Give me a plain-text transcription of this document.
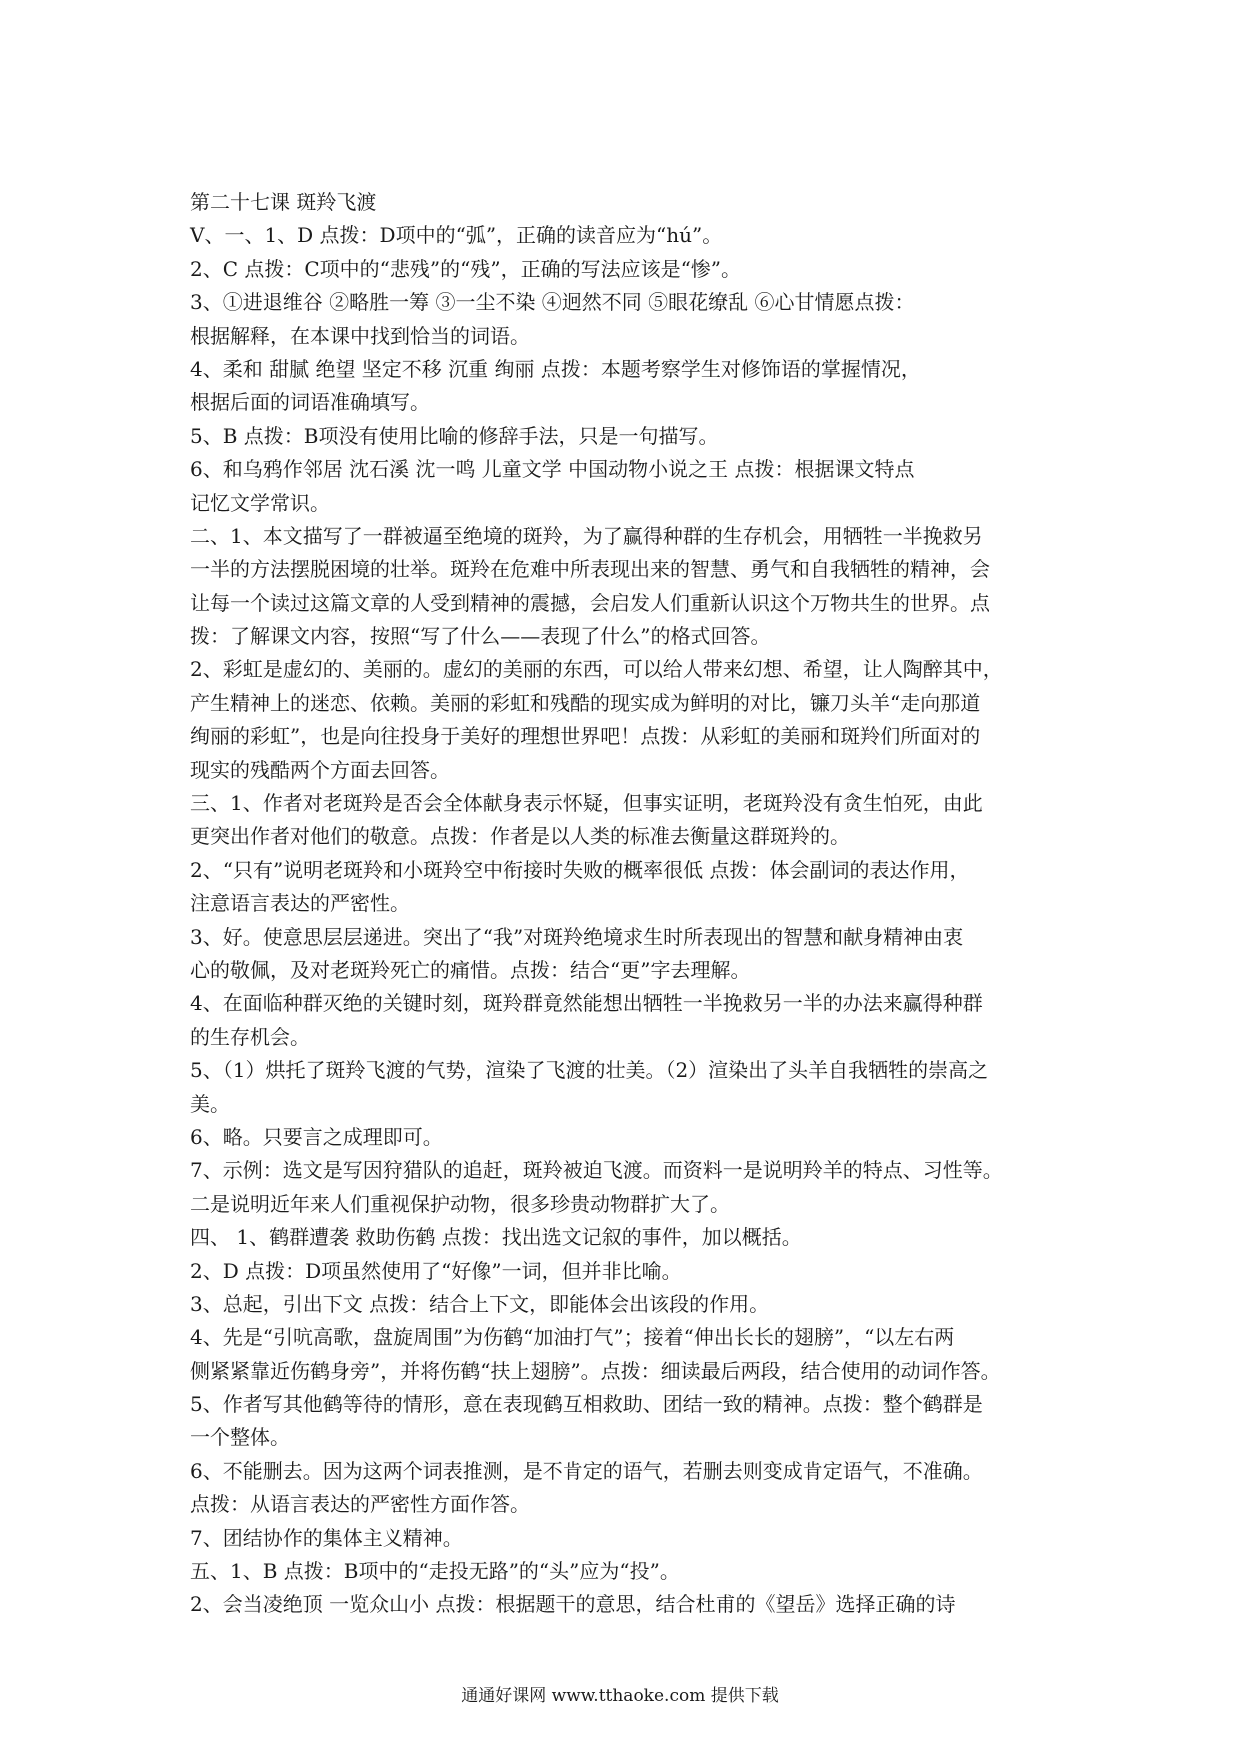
第二十七课 斑羚飞渡
Ⅴ、一、1、D 点拨：D项中的“弧”，正确的读音应为“hú”。
2、C 点拨：C项中的“悲残”的“残”，正确的写法应该是“惨”。
3、①进退维谷 ②略胜一筹 ③一尘不染 ④迥然不同 ⑤眼花缭乱 ⑥心甘情愿点拨：
根据解释，在本课中找到恰当的词语。
4、柔和 甜腻 绝望 坚定不移 沉重 绚丽 点拨：本题考察学生对修饰语的掌握情况，
根据后面的词语准确填写。
5、B 点拨：B项没有使用比喻的修辞手法，只是一句描写。
6、和乌鸦作邻居 沈石溪 沈一鸣 儿童文学 中国动物小说之王 点拨：根据课文特点
记忆文学常识。
二、1、本文描写了一群被逼至绝境的斑羚，为了赢得种群的生存机会，用牺牲一半挽救另
一半的方法摆脱困境的壮举。斑羚在危难中所表现出来的智慧、勇气和自我牺牲的精神，会
让每一个读过这篇文章的人受到精神的震撼，会启发人们重新认识这个万物共生的世界。点
拨：了解课文内容，按照“写了什么——表现了什么”的格式回答。
2、彩虹是虚幻的、美丽的。虚幻的美丽的东西，可以给人带来幻想、希望，让人陶醉其中，
产生精神上的迷恋、依赖。美丽的彩虹和残酷的现实成为鲜明的对比，镰刀头羊“走向那道
绚丽的彩虹”，也是向往投身于美好的理想世界吧！点拨：从彩虹的美丽和斑羚们所面对的
现实的残酷两个方面去回答。
三、1、作者对老斑羚是否会全体献身表示怀疑，但事实证明，老斑羚没有贪生怕死，由此
更突出作者对他们的敬意。点拨：作者是以人类的标准去衡量这群斑羚的。
2、“只有”说明老斑羚和小斑羚空中衔接时失败的概率很低 点拨：体会副词的表达作用，
注意语言表达的严密性。
3、好。使意思层层递进。突出了“我”对斑羚绝境求生时所表现出的智慧和献身精神由衷
心的敬佩，及对老斑羚死亡的痛惜。点拨：结合“更”字去理解。
4、在面临种群灭绝的关键时刻，斑羚群竟然能想出牺牲一半挽救另一半的办法来赢得种群
的生存机会。
5、（1）烘托了斑羚飞渡的气势，渲染了飞渡的壮美。（2）渲染出了头羊自我牺牲的崇高之
美。
6、略。只要言之成理即可。
7、示例：选文是写因狩猎队的追赶，斑羚被迫飞渡。而资料一是说明羚羊的特点、习性等。
二是说明近年来人们重视保护动物，很多珍贵动物群扩大了。
四、 1、鹤群遭袭 救助伤鹤 点拨：找出选文记叙的事件，加以概括。
2、D 点拨：D项虽然使用了“好像”一词，但并非比喻。
3、总起，引出下文 点拨：结合上下文，即能体会出该段的作用。
4、先是“引吭高歌，盘旋周围”为伤鹤“加油打气”；接着“伸出长长的翅膀”，“以左右两
侧紧紧靠近伤鹤身旁”，并将伤鹤“扶上翅膀”。点拨：细读最后两段，结合使用的动词作答。
5、作者写其他鹤等待的情形，意在表现鹤互相救助、团结一致的精神。点拨：整个鹤群是
一个整体。
6、不能删去。因为这两个词表推测，是不肯定的语气，若删去则变成肯定语气，不准确。
点拨：从语言表达的严密性方面作答。
7、团结协作的集体主义精神。
五、1、B 点拨：B项中的“走投无路”的“头”应为“投”。
2、会当凌绝顶 一览众山小 点拨：根据题干的意思，结合杜甫的《望岳》选择正确的诗
通通好课网 www.tthaoke.com 提供下载
